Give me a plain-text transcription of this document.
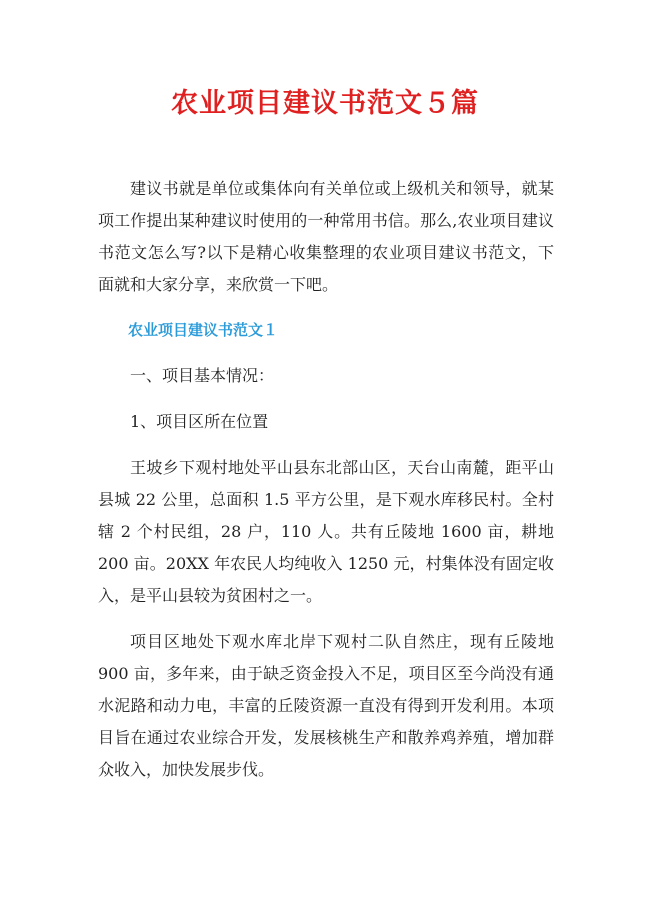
农业项目建议书范文５篇

建议书就是单位或集体向有关单位或上级机关和领导，就某项工作提出某种建议时使用的一种常用书信。那么,农业项目建议书范文怎么写?以下是精心收集整理的农业项目建议书范文，下面就和大家分享，来欣赏一下吧。

农业项目建议书范文１

一、项目基本情况：

1、项目区所在位置

王坡乡下观村地处平山县东北部山区，天台山南麓，距平山县城 22 公里，总面积 1.5 平方公里，是下观水库移民村。全村辖 2 个村民组，28 户，110 人。共有丘陵地 1600 亩，耕地 200 亩。20XX 年农民人均纯收入 1250 元，村集体没有固定收入，是平山县较为贫困村之一。

项目区地处下观水库北岸下观村二队自然庄，现有丘陵地 900 亩，多年来，由于缺乏资金投入不足，项目区至今尚没有通水泥路和动力电，丰富的丘陵资源一直没有得到开发利用。本项目旨在通过农业综合开发，发展核桃生产和散养鸡养殖，增加群众收入，加快发展步伐。
